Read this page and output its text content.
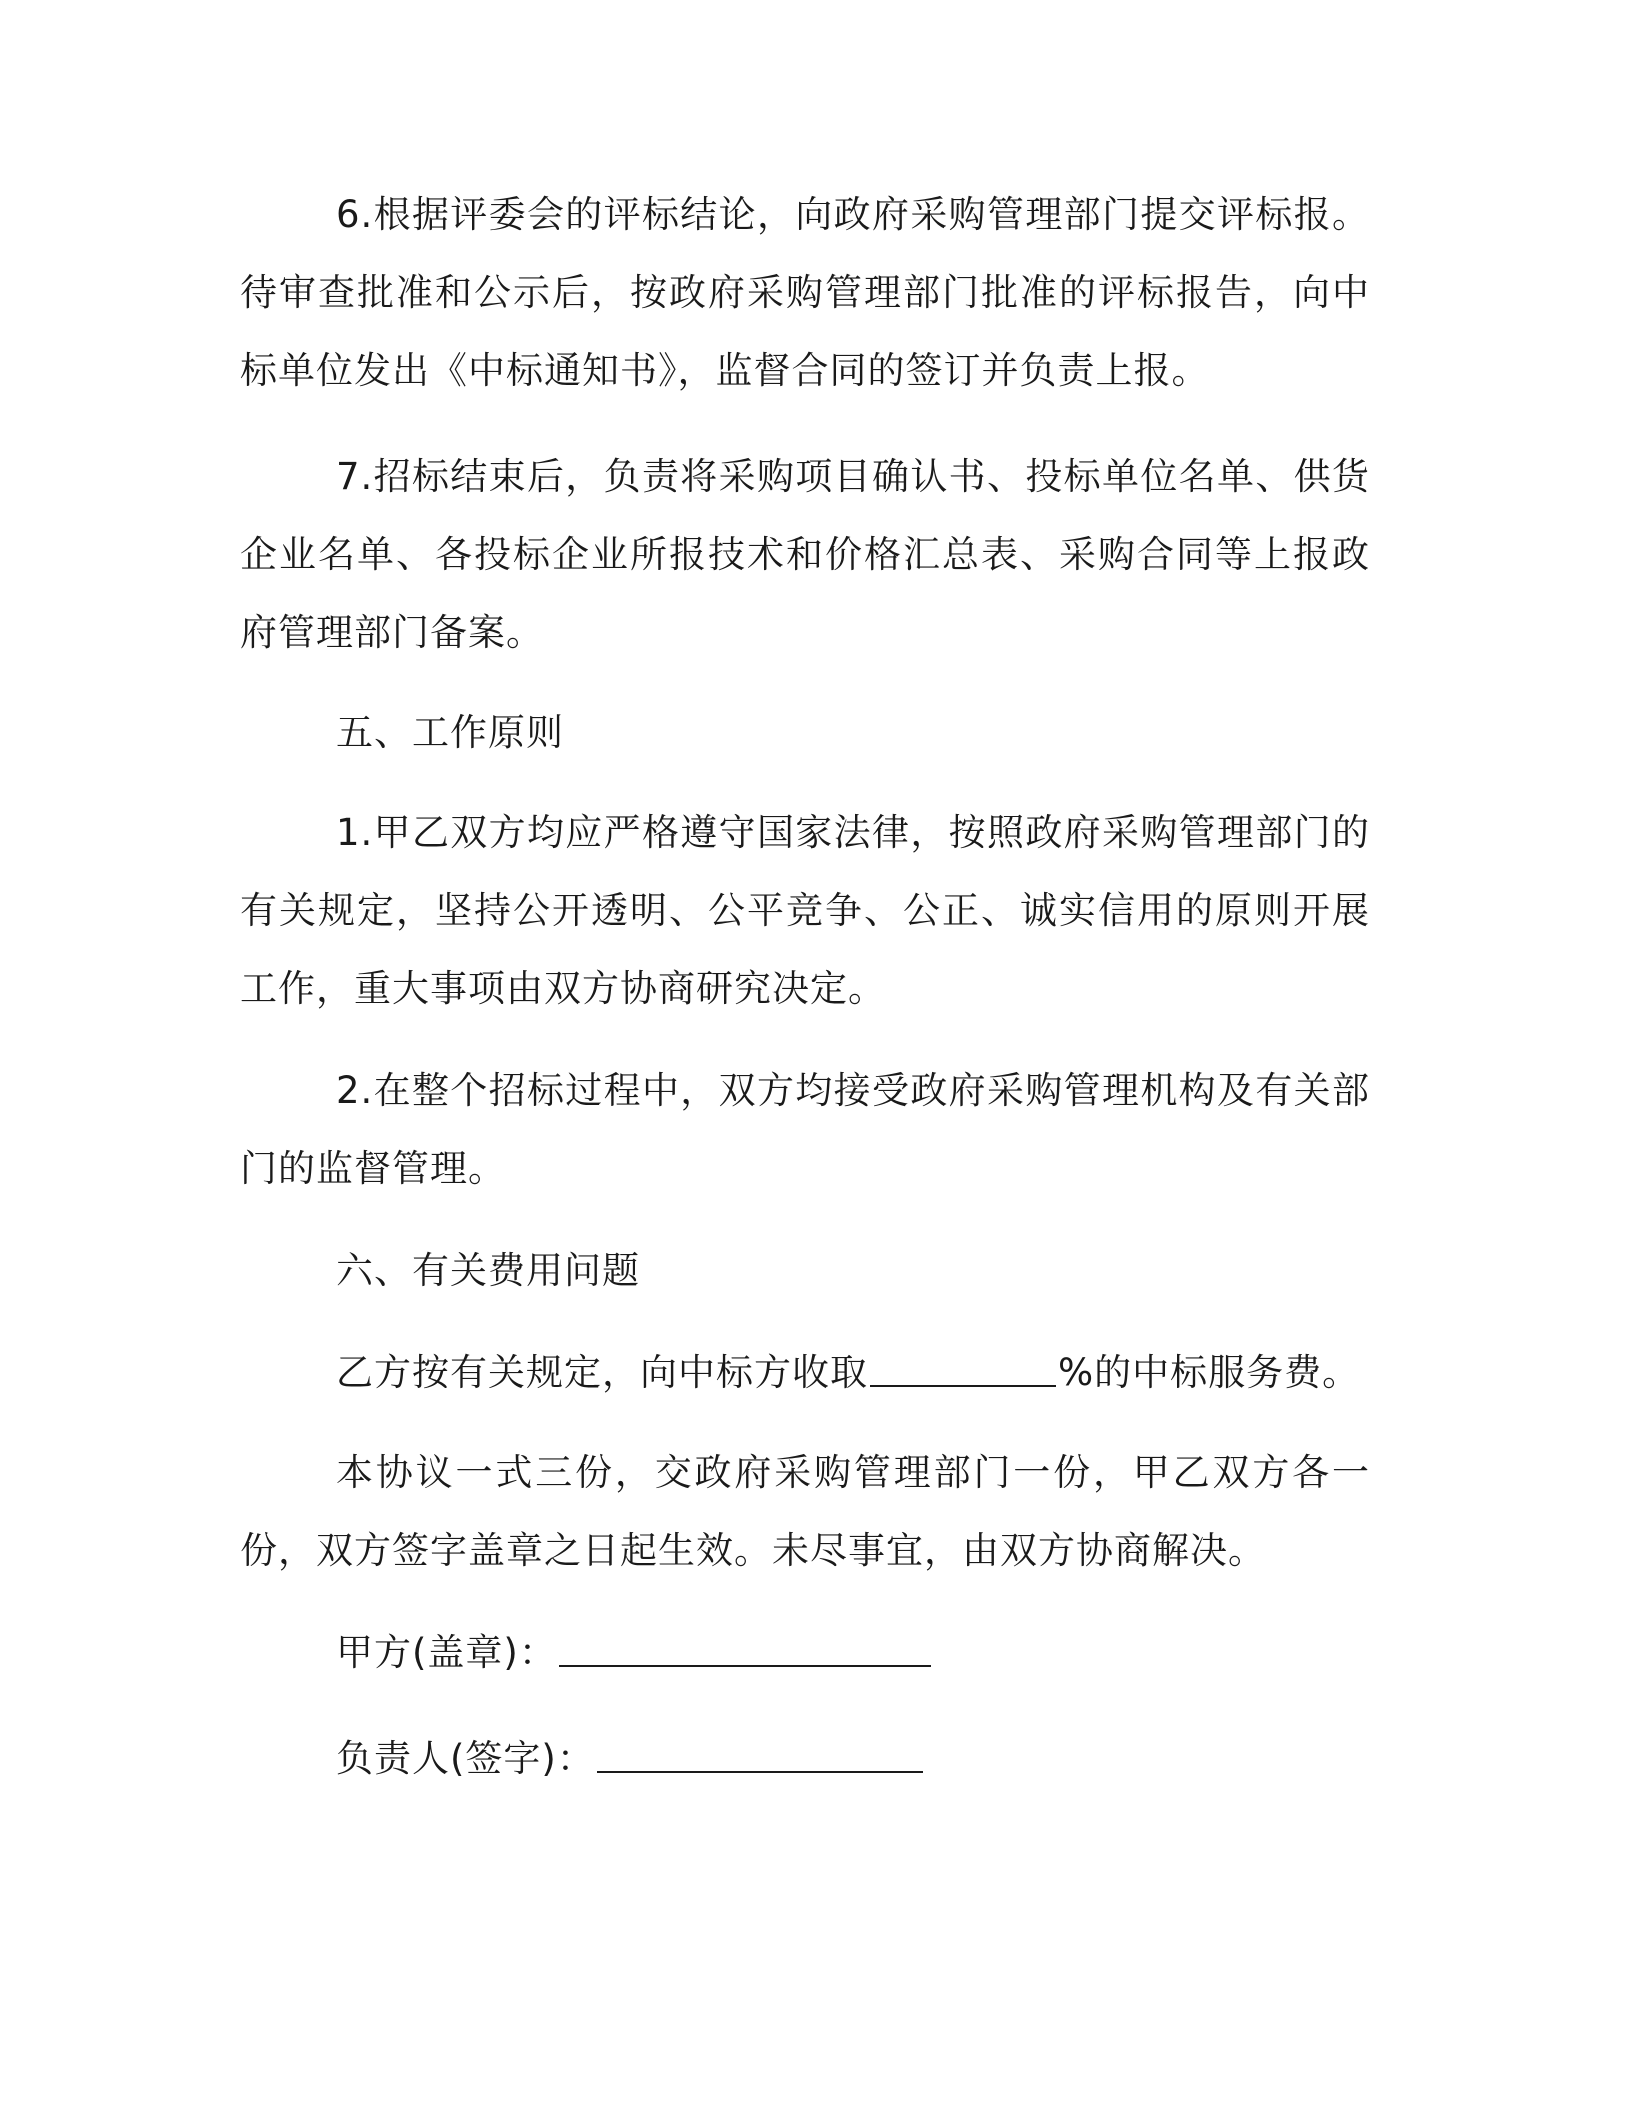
6.根据评委会的评标结论，向政府采购管理部门提交评标报。待审查批准和公示后，按政府采购管理部门批准的评标报告，向中标单位发出《中标通知书》，监督合同的签订并负责上报。

7.招标结束后，负责将采购项目确认书、投标单位名单、供货企业名单、各投标企业所报技术和价格汇总表、采购合同等上报政府管理部门备案。

五、工作原则

1.甲乙双方均应严格遵守国家法律，按照政府采购管理部门的有关规定，坚持公开透明、公平竞争、公正、诚实信用的原则开展工作，重大事项由双方协商研究决定。

2.在整个招标过程中，双方均接受政府采购管理机构及有关部门的监督管理。

六、有关费用问题

乙方按有关规定，向中标方收取	%的中标服务费。

本协议一式三份，交政府采购管理部门一份，甲乙双方各一份，双方签字盖章之日起生效。未尽事宜，由双方协商解决。

甲方(盖章)：

负责人(签字)：
